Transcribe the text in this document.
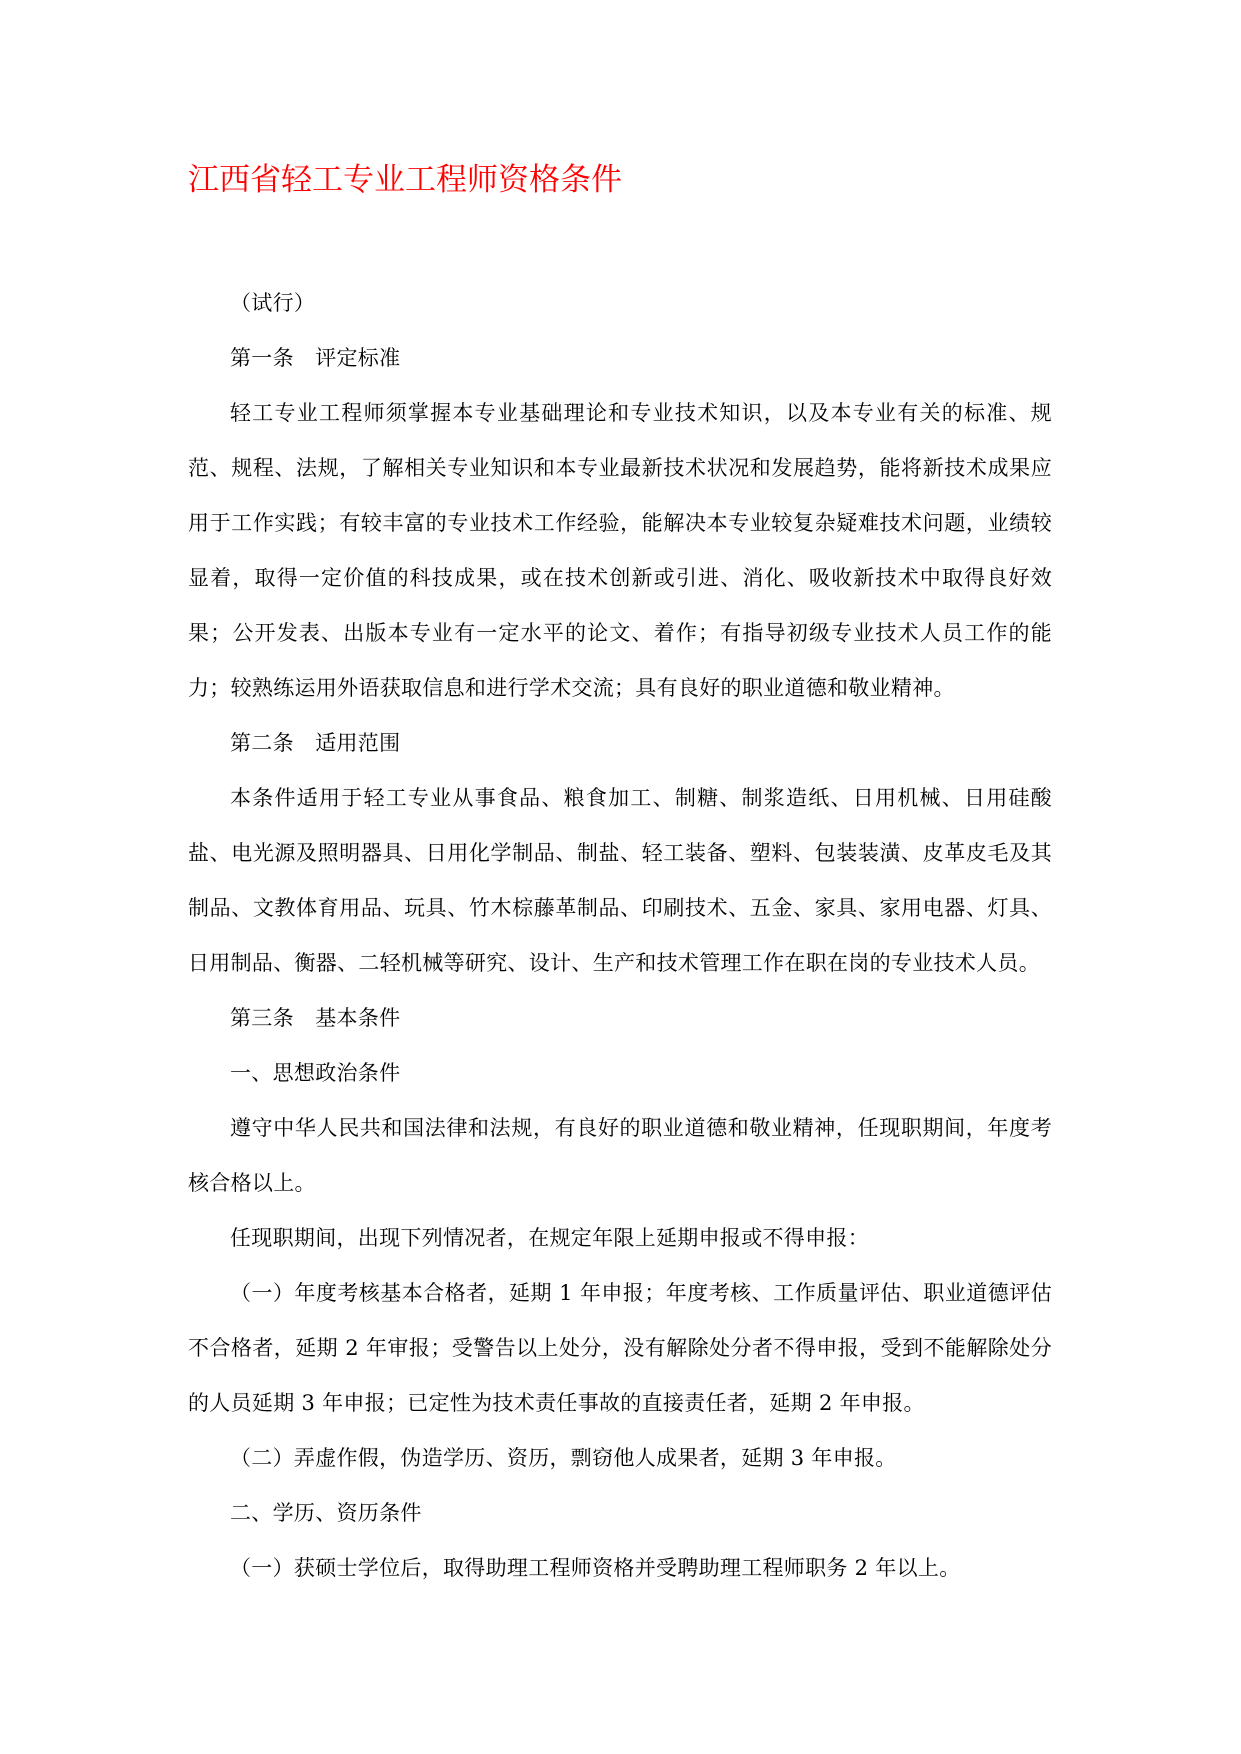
江西省轻工专业工程师资格条件

（试行）

第一条　评定标准

轻工专业工程师须掌握本专业基础理论和专业技术知识，以及本专业有关的标准、规范、规程、法规，了解相关专业知识和本专业最新技术状况和发展趋势，能将新技术成果应用于工作实践；有较丰富的专业技术工作经验，能解决本专业较复杂疑难技术问题，业绩较显着，取得一定价值的科技成果，或在技术创新或引进、消化、吸收新技术中取得良好效果；公开发表、出版本专业有一定水平的论文、着作；有指导初级专业技术人员工作的能力；较熟练运用外语获取信息和进行学术交流；具有良好的职业道德和敬业精神。

第二条　适用范围

本条件适用于轻工专业从事食品、粮食加工、制糖、制浆造纸、日用机械、日用硅酸盐、电光源及照明器具、日用化学制品、制盐、轻工装备、塑料、包装装潢、皮革皮毛及其制品、文教体育用品、玩具、竹木棕藤革制品、印刷技术、五金、家具、家用电器、灯具、日用制品、衡器、二轻机械等研究、设计、生产和技术管理工作在职在岗的专业技术人员。

第三条　基本条件

一、思想政治条件

遵守中华人民共和国法律和法规，有良好的职业道德和敬业精神，任现职期间，年度考核合格以上。

任现职期间，出现下列情况者，在规定年限上延期申报或不得申报：

（一）年度考核基本合格者，延期 1 年申报；年度考核、工作质量评估、职业道德评估不合格者，延期 2 年审报；受警告以上处分，没有解除处分者不得申报，受到不能解除处分的人员延期 3 年申报；已定性为技术责任事故的直接责任者，延期 2 年申报。

（二）弄虚作假，伪造学历、资历，剽窃他人成果者，延期 3 年申报。

二、学历、资历条件

（一）获硕士学位后，取得助理工程师资格并受聘助理工程师职务 2 年以上。
